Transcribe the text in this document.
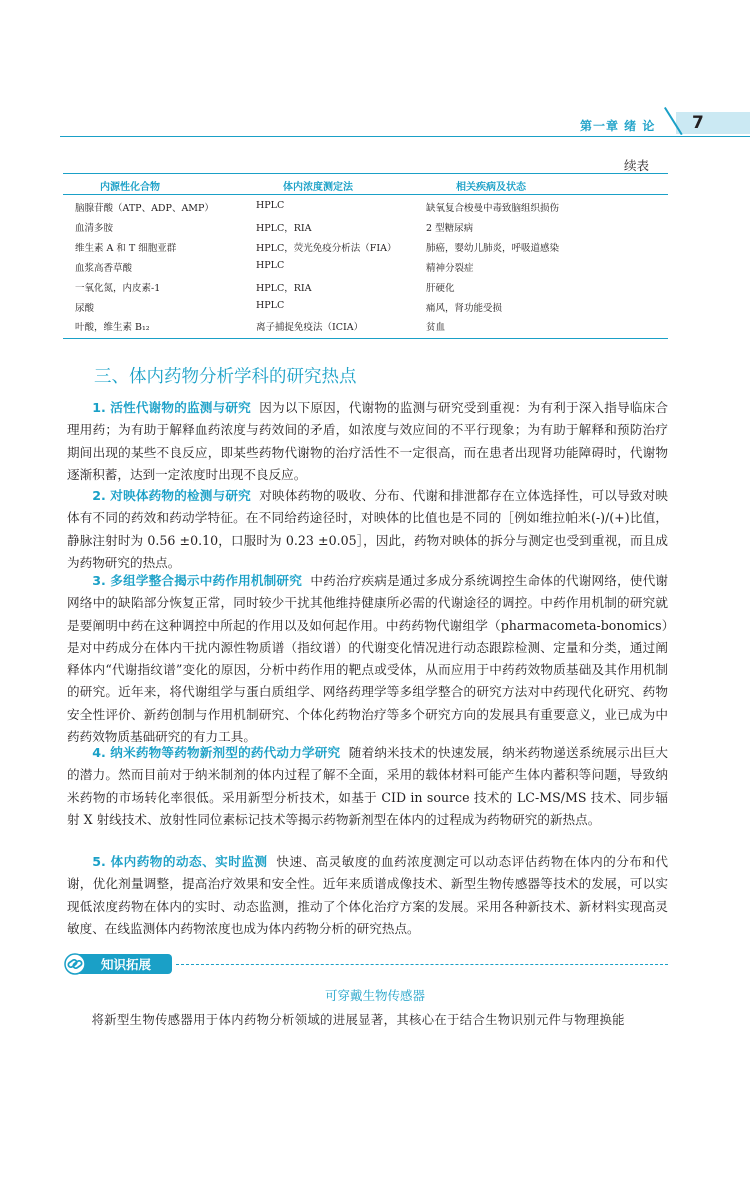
第一章 绪 论 7
续表
内源性化合物	体内浓度测定法	相关疾病及状态
脑腺苷酸（ATP、ADP、AMP）	HPLC	缺氧复合梭曼中毒致脑组织损伤
血清多胺	HPLC，RIA	2 型糖尿病
维生素 A 和 T 细胞亚群	HPLC，荧光免疫分析法（FIA）	肺癌，婴幼儿肺炎，呼吸道感染
血浆高香草酸	HPLC	精神分裂症
一氧化氮，内皮素-1	HPLC，RIA	肝硬化
尿酸	HPLC	痛风，肾功能受损
叶酸，维生素 B₁₂	离子捕捉免疫法（ICIA）	贫血
三、体内药物分析学科的研究热点
1. 活性代谢物的监测与研究 因为以下原因，代谢物的监测与研究受到重视：为有利于深入指导临床合理用药；为有助于解释血药浓度与药效间的矛盾，如浓度与效应间的不平行现象；为有助于解释和预防治疗期间出现的某些不良反应，即某些药物代谢物的治疗活性不一定很高，而在患者出现肾功能障碍时，代谢物逐渐积蓄，达到一定浓度时出现不良反应。
2. 对映体药物的检测与研究 对映体药物的吸收、分布、代谢和排泄都存在立体选择性，可以导致对映体有不同的药效和药动学特征。在不同给药途径时，对映体的比值也是不同的［例如维拉帕米(-)/(+)比值，静脉注射时为 0.56 ±0.10，口服时为 0.23 ±0.05］，因此，药物对映体的拆分与测定也受到重视，而且成为药物研究的热点。
3. 多组学整合揭示中药作用机制研究 中药治疗疾病是通过多成分系统调控生命体的代谢网络，使代谢网络中的缺陷部分恢复正常，同时较少干扰其他维持健康所必需的代谢途径的调控。中药作用机制的研究就是要阐明中药在这种调控中所起的作用以及如何起作用。中药药物代谢组学（pharmacometa-bonomics）是对中药成分在体内干扰内源性物质谱（指纹谱）的代谢变化情况进行动态跟踪检测、定量和分类，通过阐释体内“代谢指纹谱”变化的原因，分析中药作用的靶点或受体，从而应用于中药药效物质基础及其作用机制的研究。近年来，将代谢组学与蛋白质组学、网络药理学等多组学整合的研究方法对中药现代化研究、药物安全性评价、新药创制与作用机制研究、个体化药物治疗等多个研究方向的发展具有重要意义，业已成为中药药效物质基础研究的有力工具。
4. 纳米药物等药物新剂型的药代动力学研究 随着纳米技术的快速发展，纳米药物递送系统展示出巨大的潜力。然而目前对于纳米制剂的体内过程了解不全面，采用的载体材料可能产生体内蓄积等问题，导致纳米药物的市场转化率很低。采用新型分析技术，如基于 CID in source 技术的 LC-MS/MS 技术、同步辐射 X 射线技术、放射性同位素标记技术等揭示药物新剂型在体内的过程成为药物研究的新热点。
5. 体内药物的动态、实时监测 快速、高灵敏度的血药浓度测定可以动态评估药物在体内的分布和代谢，优化剂量调整，提高治疗效果和安全性。近年来质谱成像技术、新型生物传感器等技术的发展，可以实现低浓度药物在体内的实时、动态监测，推动了个体化治疗方案的发展。采用各种新技术、新材料实现高灵敏度、在线监测体内药物浓度也成为体内药物分析的研究热点。
知识拓展
可穿戴生物传感器
将新型生物传感器用于体内药物分析领域的进展显著，其核心在于结合生物识别元件与物理换能
